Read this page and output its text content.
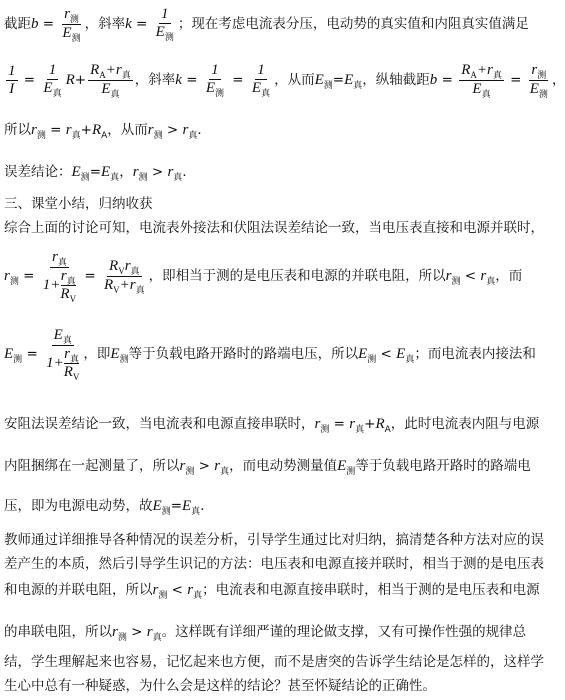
截距$b = \frac{r_测}{E_测}$ ，斜率$k = \frac{1}{E_测}$ ；现在考虑电流表分压，电动势的真实值和内阻真实值满足
$\frac{1}{I} = \frac{1}{E_真} R+ \frac{R_A+r_真}{E_真}$ ，斜率$k = \frac{1}{E_测} = \frac{1}{E_真}$ ，从而$E_测=E_真$，纵轴截距$b = \frac{R_A+r_真}{E_真} = \frac{r_测}{E_测}$ ，
所以$r_测 = r_真+R_A$，从而$r_测 > r_真$．
误差结论：$E_测=E_真$，$r_测 > r_真$．
三、课堂小结，归纳收获
综合上面的讨论可知，电流表外接法和伏阻法误差结论一致，当电压表直接和电源并联时，
$r_测 = r_真$
1+
$r_真$
$R_V = \frac{R_Vr_真}{R_V+r_真}$ ，即相当于测的是电压表和电源的并联电阻，所以$r_测 < r_真$，而
$E_测 = E_真$
1+
$r_真$
$R_V$ ，即$E_测$等于负载电路开路时的路端电压，所以$E_测 < E_真$；而电流表内接法和
安阻法误差结论一致，当电流表和电源直接串联时，$r_测 = r_真+R_A$，此时电流表内阻与电源
内阻捆绑在一起测量了，所以$r_测 > r_真$，而电动势测量值$E_测$等于负载电路开路时的路端电
压，即为电源电动势，故$E_测=E_真$．
教师通过详细推导各种情况的误差分析，引导学生通过比对归纳，搞清楚各种方法对应的误
差产生的本质，然后引导学生识记的方法：电压表和电源直接并联时，相当于测的是电压表
和电源的并联电阻，所以$r_测 < r_真$；电流表和电源直接串联时，相当于测的是电压表和电源
的串联电阻，所以$r_测 > r_真$。这样既有详细严谨的理论做支撑，又有可操作性强的规律总
结，学生理解起来也容易，记忆起来也方便，而不是唐突的告诉学生结论是怎样的，这样学
生心中总有一种疑惑，为什么会是这样的结论？甚至怀疑结论的正确性。
